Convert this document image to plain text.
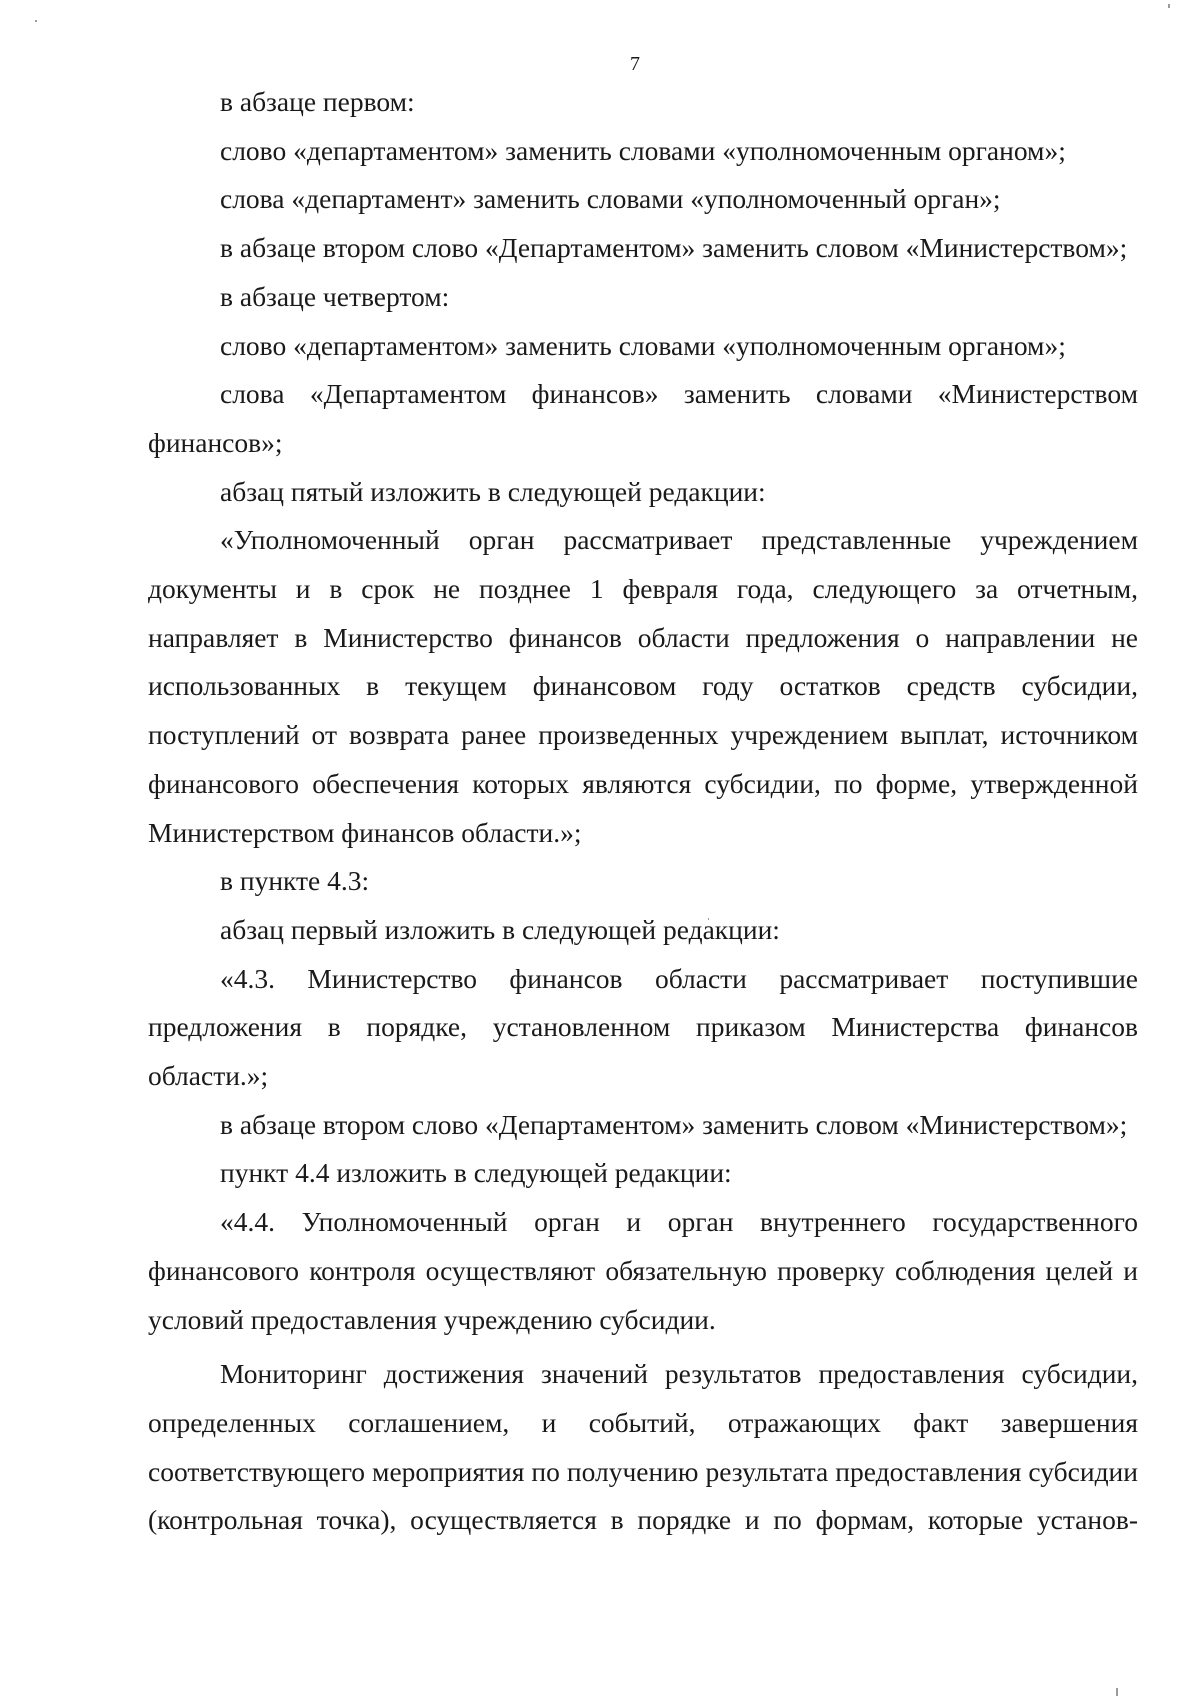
7

в абзаце первом:

слово «департаментом» заменить словами «уполномоченным органом»;

слова «департамент» заменить словами «уполномоченный орган»;

в абзаце втором слово «Департаментом» заменить словом «Министерством»;

в абзаце четвертом:

слово «департаментом» заменить словами «уполномоченным органом»;

слова «Департаментом финансов» заменить словами «Министерством финансов»;

абзац пятый изложить в следующей редакции:

«Уполномоченный орган рассматривает представленные учреждением документы и в срок не позднее 1 февраля года, следующего за отчетным, направляет в Министерство финансов области предложения о направлении не использованных в текущем финансовом году остатков средств субсидии, поступлений от возврата ранее произведенных учреждением выплат, источником финансового обеспечения которых являются субсидии, по форме, утвержденной Министерством финансов области.»;

в пункте 4.3:

абзац первый изложить в следующей редакции:

«4.3. Министерство финансов области рассматривает поступившие предложения в порядке, установленном приказом Министерства финансов области.»;

в абзаце втором слово «Департаментом» заменить словом «Министерством»;

пункт 4.4 изложить в следующей редакции:

«4.4. Уполномоченный орган и орган внутреннего государственного финансового контроля осуществляют обязательную проверку соблюдения целей и условий предоставления учреждению субсидии.

Мониторинг достижения значений результатов предоставления субсидии, определенных соглашением, и событий, отражающих факт завершения соответствующего мероприятия по получению результата предоставления субсидии (контрольная точка), осуществляется в порядке и по формам, которые установ-
